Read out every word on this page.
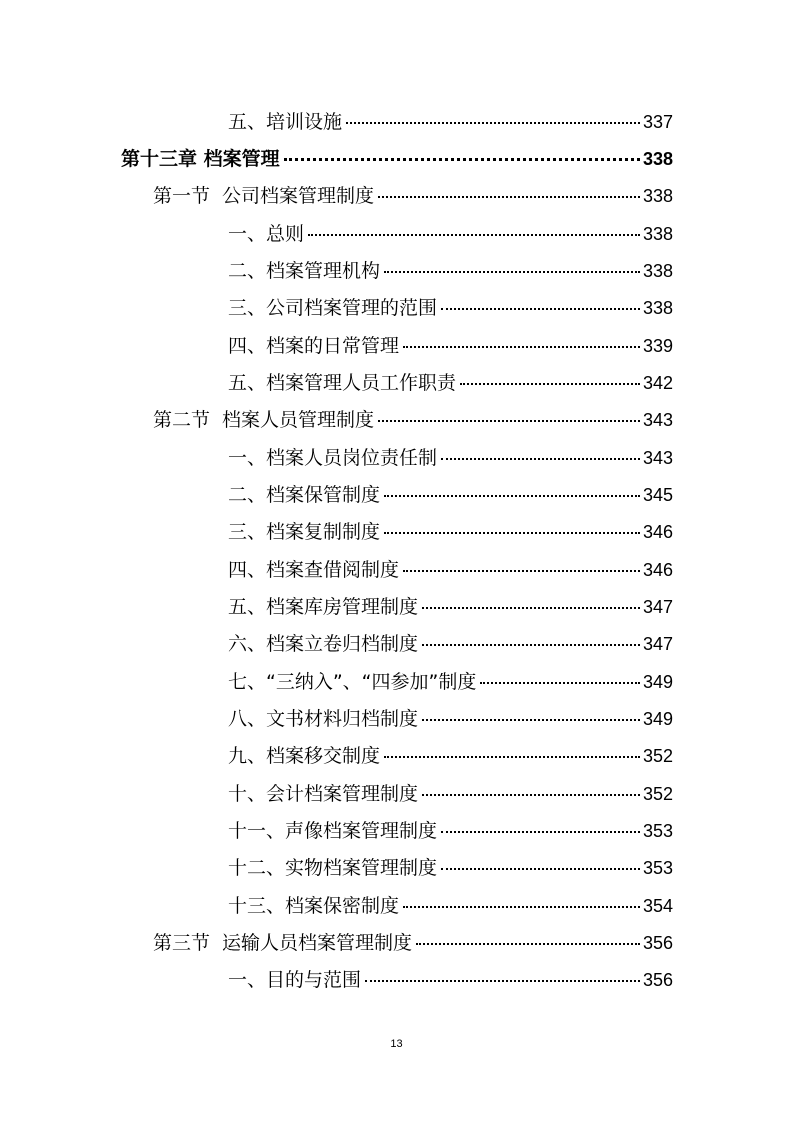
五、培训设施	337
第十三章 档案管理	338
第一节 公司档案管理制度	338
一、总则	338
二、档案管理机构	338
三、公司档案管理的范围	338
四、档案的日常管理	339
五、档案管理人员工作职责	342
第二节 档案人员管理制度	343
一、档案人员岗位责任制	343
二、档案保管制度	345
三、档案复制制度	346
四、档案查借阅制度	346
五、档案库房管理制度	347
六、档案立卷归档制度	347
七、“三纳入”、“四参加”制度	349
八、文书材料归档制度	349
九、档案移交制度	352
十、会计档案管理制度	352
十一、声像档案管理制度	353
十二、实物档案管理制度	353
十三、档案保密制度	354
第三节 运输人员档案管理制度	356
一、目的与范围	356
13
